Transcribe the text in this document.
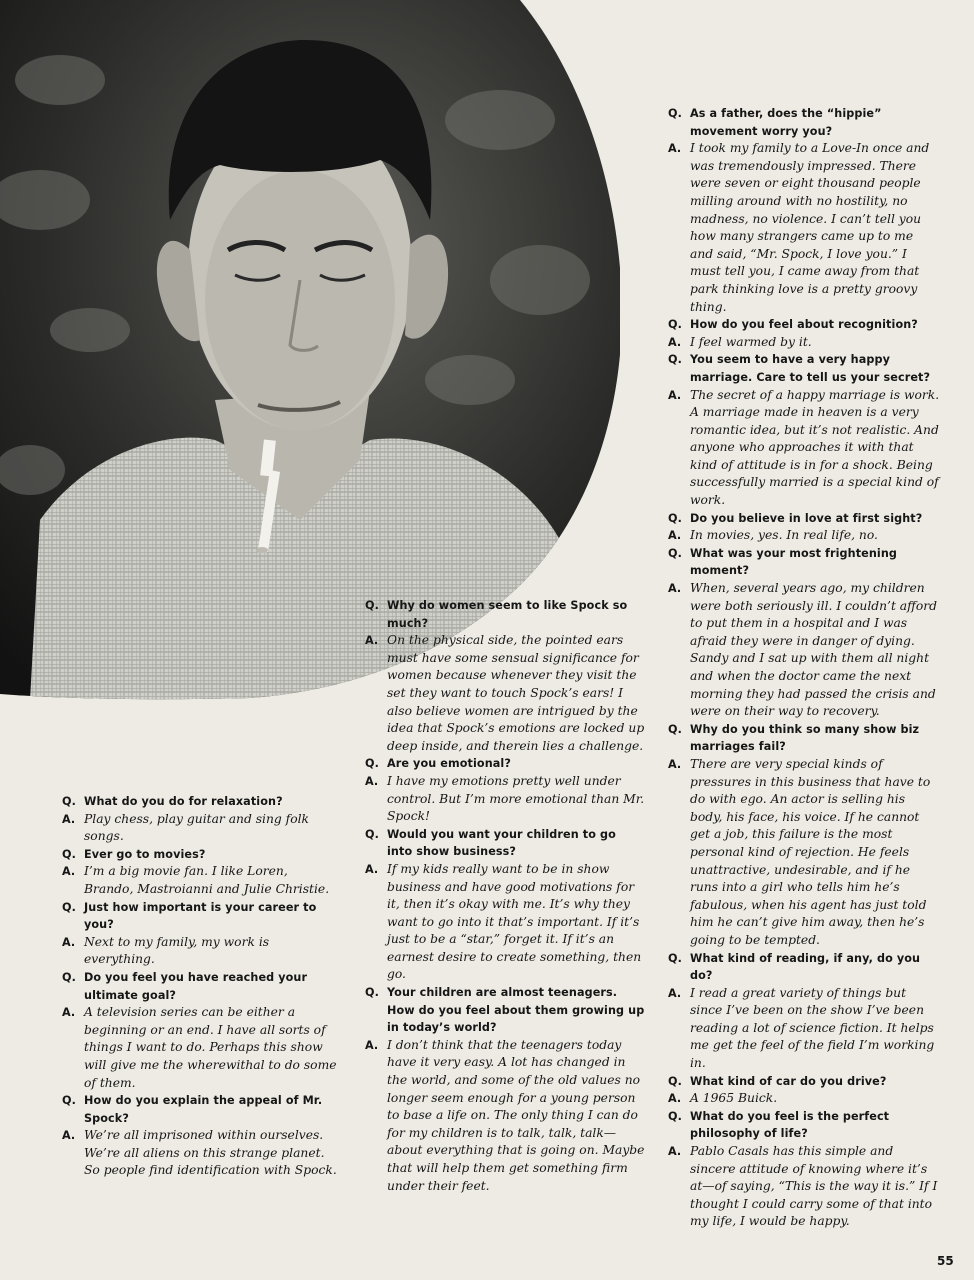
Q. What do you do for relaxation?
A. Play chess, play guitar and sing folk songs.
Q. Ever go to movies?
A. I’m a big movie fan. I like Loren, Brando, Mastroianni and Julie Christie.
Q. Just how important is your career to you?
A. Next to my family, my work is everything.
Q. Do you feel you have reached your ultimate goal?
A. A television series can be either a beginning or an end. I have all sorts of things I want to do. Perhaps this show will give me the wherewithal to do some of them.
Q. How do you explain the appeal of Mr. Spock?
A. We’re all imprisoned within ourselves. We’re all aliens on this strange planet. So people find identification with Spock.
Q. Why do women seem to like Spock so much?
A. On the physical side, the pointed ears must have some sensual significance for women because whenever they visit the set they want to touch Spock’s ears! I also believe women are intrigued by the idea that Spock’s emotions are locked up deep inside, and therein lies a challenge.
Q. Are you emotional?
A. I have my emotions pretty well under control. But I’m more emotional than Mr. Spock!
Q. Would you want your children to go into show business?
A. If my kids really want to be in show business and have good motivations for it, then it’s okay with me. It’s why they want to go into it that’s important. If it’s just to be a “star,” forget it. If it’s an earnest desire to create something, then go.
Q. Your children are almost teenagers. How do you feel about them growing up in today’s world?
A. I don’t think that the teenagers today have it very easy. A lot has changed in the world, and some of the old values no longer seem enough for a young person to base a life on. The only thing I can do for my children is to talk, talk, talk—about everything that is going on. Maybe that will help them get something firm under their feet.
Q. As a father, does the “hippie” movement worry you?
A. I took my family to a Love-In once and was tremendously impressed. There were seven or eight thousand people milling around with no hostility, no madness, no violence. I can’t tell you how many strangers came up to me and said, “Mr. Spock, I love you.” I must tell you, I came away from that park thinking love is a pretty groovy thing.
Q. How do you feel about recognition?
A. I feel warmed by it.
Q. You seem to have a very happy marriage. Care to tell us your secret?
A. The secret of a happy marriage is work. A marriage made in heaven is a very romantic idea, but it’s not realistic. And anyone who approaches it with that kind of attitude is in for a shock. Being successfully married is a special kind of work.
Q. Do you believe in love at first sight?
A. In movies, yes. In real life, no.
Q. What was your most frightening moment?
A. When, several years ago, my children were both seriously ill. I couldn’t afford to put them in a hospital and I was afraid they were in danger of dying. Sandy and I sat up with them all night and when the doctor came the next morning they had passed the crisis and were on their way to recovery.
Q. Why do you think so many show biz marriages fail?
A. There are very special kinds of pressures in this business that have to do with ego. An actor is selling his body, his face, his voice. If he cannot get a job, this failure is the most personal kind of rejection. He feels unattractive, undesirable, and if he runs into a girl who tells him he’s fabulous, when his agent has just told him he can’t give him away, then he’s going to be tempted.
Q. What kind of reading, if any, do you do?
A. I read a great variety of things but since I’ve been on the show I’ve been reading a lot of science fiction. It helps me get the feel of the field I’m working in.
Q. What kind of car do you drive?
A. A 1965 Buick.
Q. What do you feel is the perfect philosophy of life?
A. Pablo Casals has this simple and sincere attitude of knowing where it’s at—of saying, “This is the way it is.” If I thought I could carry some of that into my life, I would be happy.
55
